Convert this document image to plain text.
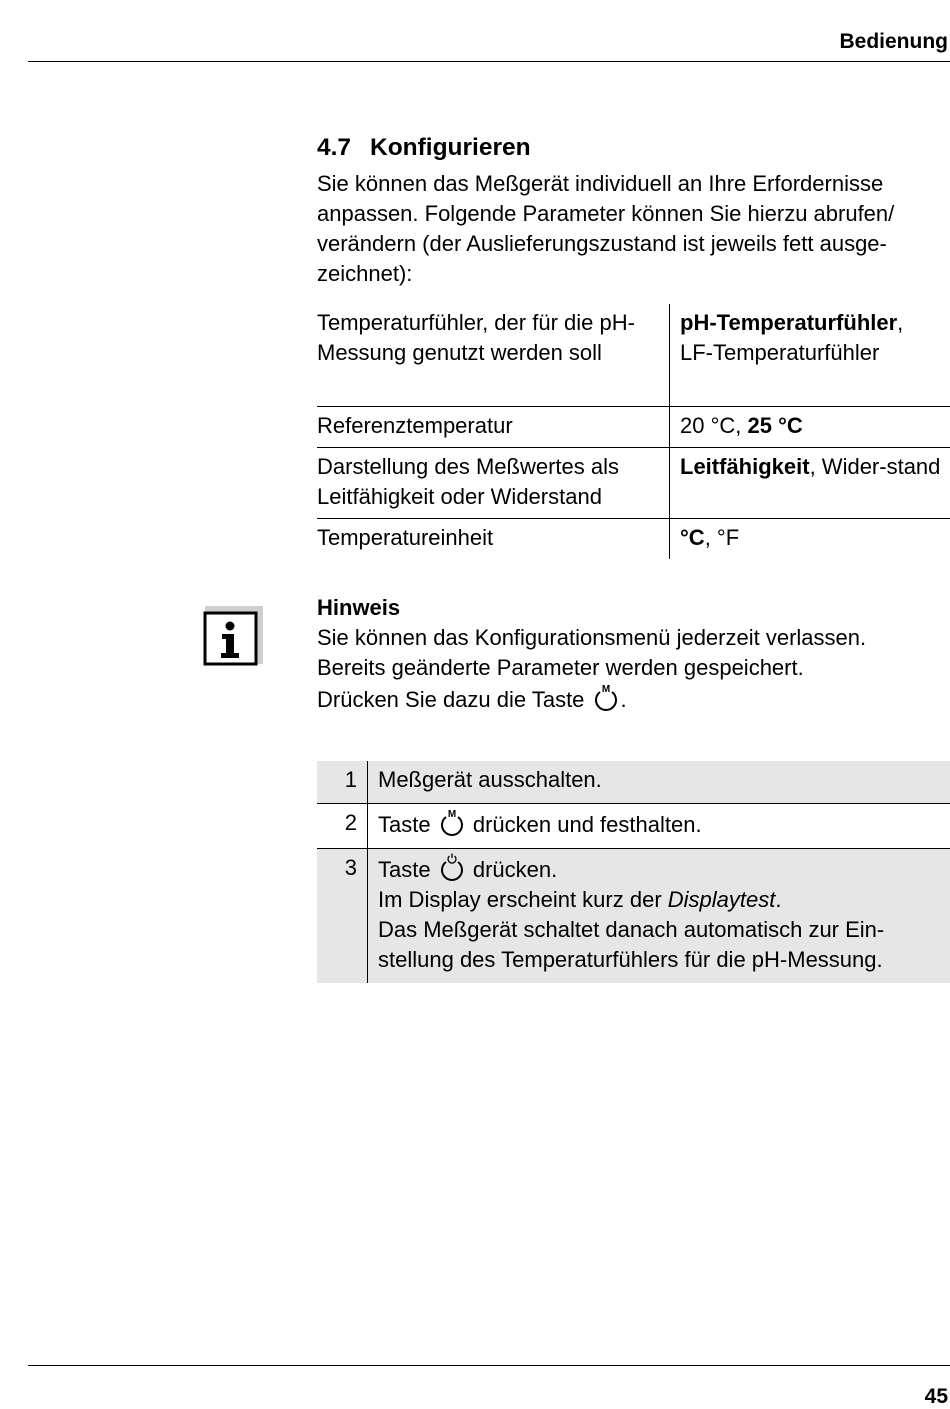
Bedienung
4.7 Konfigurieren

Sie können das Meßgerät individuell an Ihre Erfordernisse anpassen. Folgende Parameter können Sie hierzu abrufen/ verändern (der Auslieferungszustand ist jeweils fett ausge-zeichnet):

Temperaturfühler, der für die pH-Messung genutzt werden soll	pH-Temperaturfühler,
LF-Temperaturfühler
Referenztemperatur	20 °C, 25 °C
Darstellung des Meßwertes als Leitfähigkeit oder Widerstand	Leitfähigkeit, Wider-stand
Temperatureinheit	°C, °F
Hinweis
Sie können das Konfigurationsmenü jederzeit verlassen.
Bereits geänderte Parameter werden gespeichert.
Drücken Sie dazu die Taste M .
1	Meßgerät ausschalten.
2	Taste M drücken und festhalten.
3	Taste drücken.
Im Display erscheint kurz der Displaytest.
Das Meßgerät schaltet danach automatisch zur Ein-stellung des Temperaturfühlers für die pH-Messung.
45
